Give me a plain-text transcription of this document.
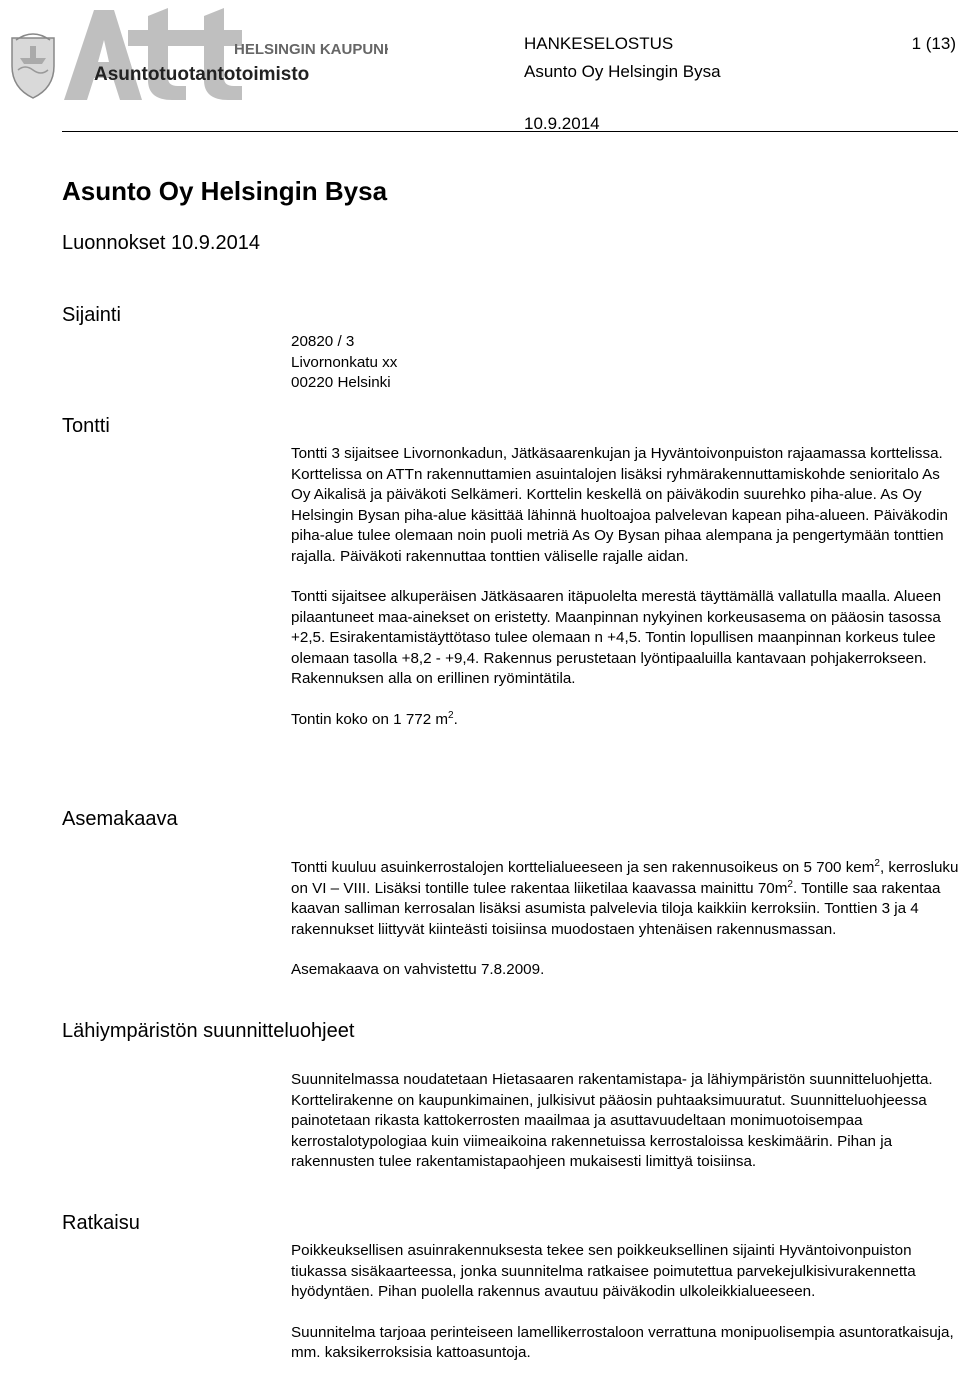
HELSINGIN KAUPUNKI
Asuntotuotantotoimisto
HANKESELOSTUS	1 (13)
Asunto Oy Helsingin Bysa
10.9.2014
Asunto Oy Helsingin Bysa
Luonnokset 10.9.2014
Sijainti

20820 / 3

Livornonkatu xx

00220 Helsinki

Tontti

Tontti 3 sijaitsee Livornonkadun, Jätkäsaarenkujan ja Hyväntoivonpuiston rajaamassa korttelissa. Korttelissa on ATTn rakennuttamien asuintalojen lisäksi ryhmärakennuttamiskohde senioritalo As Oy Aikalisä ja päiväkoti Selkämeri. Korttelin keskellä on päiväkodin suurehko piha-alue. As Oy Helsingin Bysan piha-alue käsittää lähinnä huoltoajoa palvelevan kapean piha-alueen. Päiväkodin piha-alue tulee olemaan noin puoli metriä As Oy Bysan pihaa alempana ja pengertymään tonttien rajalla. Päiväkoti rakennuttaa tonttien väliselle rajalle aidan.

Tontti sijaitsee alkuperäisen Jätkäsaaren itäpuolelta merestä täyttämällä vallatulla maalla. Alueen pilaantuneet maa-ainekset on eristetty. Maanpinnan nykyinen korkeusasema on pääosin tasossa +2,5. Esirakentamistäyttötaso tulee olemaan n +4,5. Tontin lopullisen maanpinnan korkeus tulee olemaan tasolla +8,2 - +9,4. Rakennus perustetaan lyöntipaaluilla kantavaan pohjakerrokseen. Rakennuksen alla on erillinen ryömintätila.

Tontin koko on 1 772 $m^2$.

Asemakaava

Tontti kuuluu asuinkerrostalojen korttelialueeseen ja sen rakennusoikeus on 5 700 kem$^2$, kerrosluku on VI – VIII. Lisäksi tontille tulee rakentaa liiketilaa kaavassa mainittu $70m^2$. Tontille saa rakentaa kaavan salliman kerrosalan lisäksi asumista palvelevia tiloja kaikkiin kerroksiin. Tonttien 3 ja 4 rakennukset liittyvät kiinteästi toisiinsa muodostaen yhtenäisen rakennusmassan.

Asemakaava on vahvistettu 7.8.2009.

Lähiympäristön suunnitteluohjeet

Suunnitelmassa noudatetaan Hietasaaren rakentamistapa- ja lähiympäristön suunnitteluohjetta. Korttelirakenne on kaupunkimainen, julkisivut pääosin puhtaaksimuuratut. Suunnitteluohjeessa painotetaan rikasta kattokerrosten maailmaa ja asuttavuudeltaan monimuotoisempaa kerrostalotypologiaa kuin viimeaikoina rakennetuissa kerrostaloissa keskimäärin. Pihan ja rakennusten tulee rakentamistapaohjeen mukaisesti limittyä toisiinsa.

Ratkaisu

Poikkeuksellisen asuinrakennuksesta tekee sen poikkeuksellinen sijainti Hyväntoivonpuiston tiukassa sisäkaarteessa, jonka suunnitelma ratkaisee poimutettua parvekejulkisivurakennetta hyödyntäen. Pihan puolella rakennus avautuu päiväkodin ulkoleikkialueeseen.

Suunnitelma tarjoaa perinteiseen lamellikerrostaloon verrattuna monipuolisempia asuntoratkaisuja, mm. kaksikerroksisia kattoasuntoja.
